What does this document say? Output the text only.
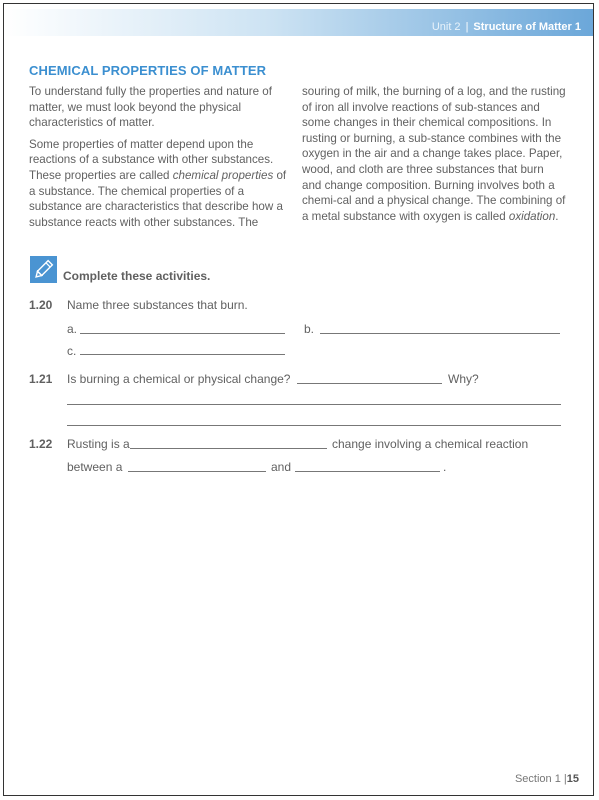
Unit 2 | Structure of Matter 1
CHEMICAL PROPERTIES OF MATTER

To understand fully the properties and nature of matter, we must look beyond the physical characteristics of matter.

Some properties of matter depend upon the reactions of a substance with other substances. These properties are called chemical properties of a substance. The chemical properties of a substance are characteristics that describe how a substance reacts with other substances. The

souring of milk, the burning of a log, and the rusting of iron all involve reactions of sub-stances and some changes in their chemical compositions. In rusting or burning, a sub-stance combines with the oxygen in the air and a change takes place. Paper, wood, and cloth are three substances that burn and change composition. Burning involves both a chemi-cal and a physical change. The combining of a metal substance with oxygen is called oxidation.

Complete these activities.
1.20 Name three substances that burn.
a.	b.
c.
1.21 Is burning a chemical or physical change?	Why?
1.22 Rusting is a	change involving a chemical reaction
between a	and	.
Section 1 |15
